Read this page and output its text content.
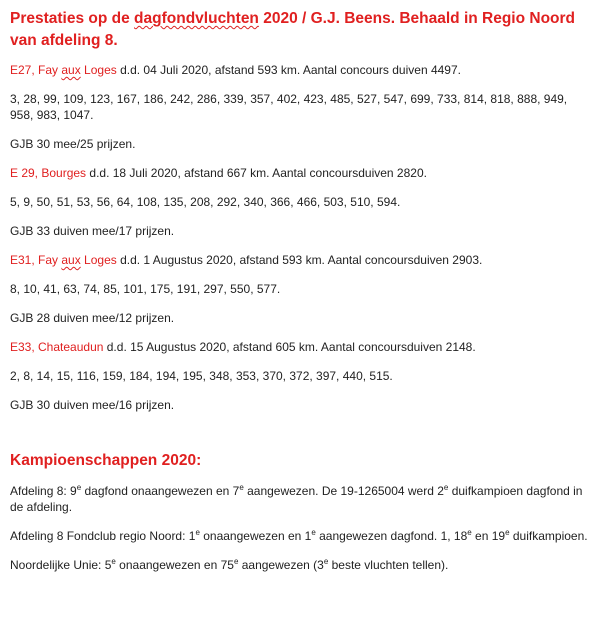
Prestaties op de dagfondvluchten 2020 / G.J. Beens. Behaald in Regio Noord van afdeling 8.

E27, Fay aux Loges d.d. 04 Juli 2020, afstand 593 km. Aantal concours duiven 4497.

3, 28, 99, 109, 123, 167, 186, 242, 286, 339, 357, 402, 423, 485, 527, 547, 699, 733, 814, 818, 888, 949, 958, 983, 1047.

GJB 30 mee/25 prijzen.

E 29, Bourges d.d. 18 Juli 2020, afstand 667 km. Aantal concoursduiven 2820.

5, 9, 50, 51, 53, 56, 64, 108, 135, 208, 292, 340, 366, 466, 503, 510, 594.

GJB 33 duiven mee/17 prijzen.

E31, Fay aux Loges d.d. 1 Augustus 2020, afstand 593 km. Aantal concoursduiven 2903.

8, 10, 41, 63, 74, 85, 101, 175, 191, 297, 550, 577.

GJB 28 duiven mee/12 prijzen.

E33, Chateaudun d.d. 15 Augustus 2020, afstand 605 km. Aantal concoursduiven 2148.

2, 8, 14, 15, 116, 159, 184, 194, 195, 348, 353, 370, 372, 397, 440, 515.

GJB 30 duiven mee/16 prijzen.

Kampioenschappen 2020:

Afdeling 8: 9e dagfond onaangewezen en 7e aangewezen. De 19-1265004 werd 2e duifkampioen dagfond in de afdeling.

Afdeling 8 Fondclub regio Noord: 1e onaangewezen en 1e aangewezen dagfond. 1, 18e en 19e duifkampioen.

Noordelijke Unie: 5e onaangewezen en 75e aangewezen (3e beste vluchten tellen).
